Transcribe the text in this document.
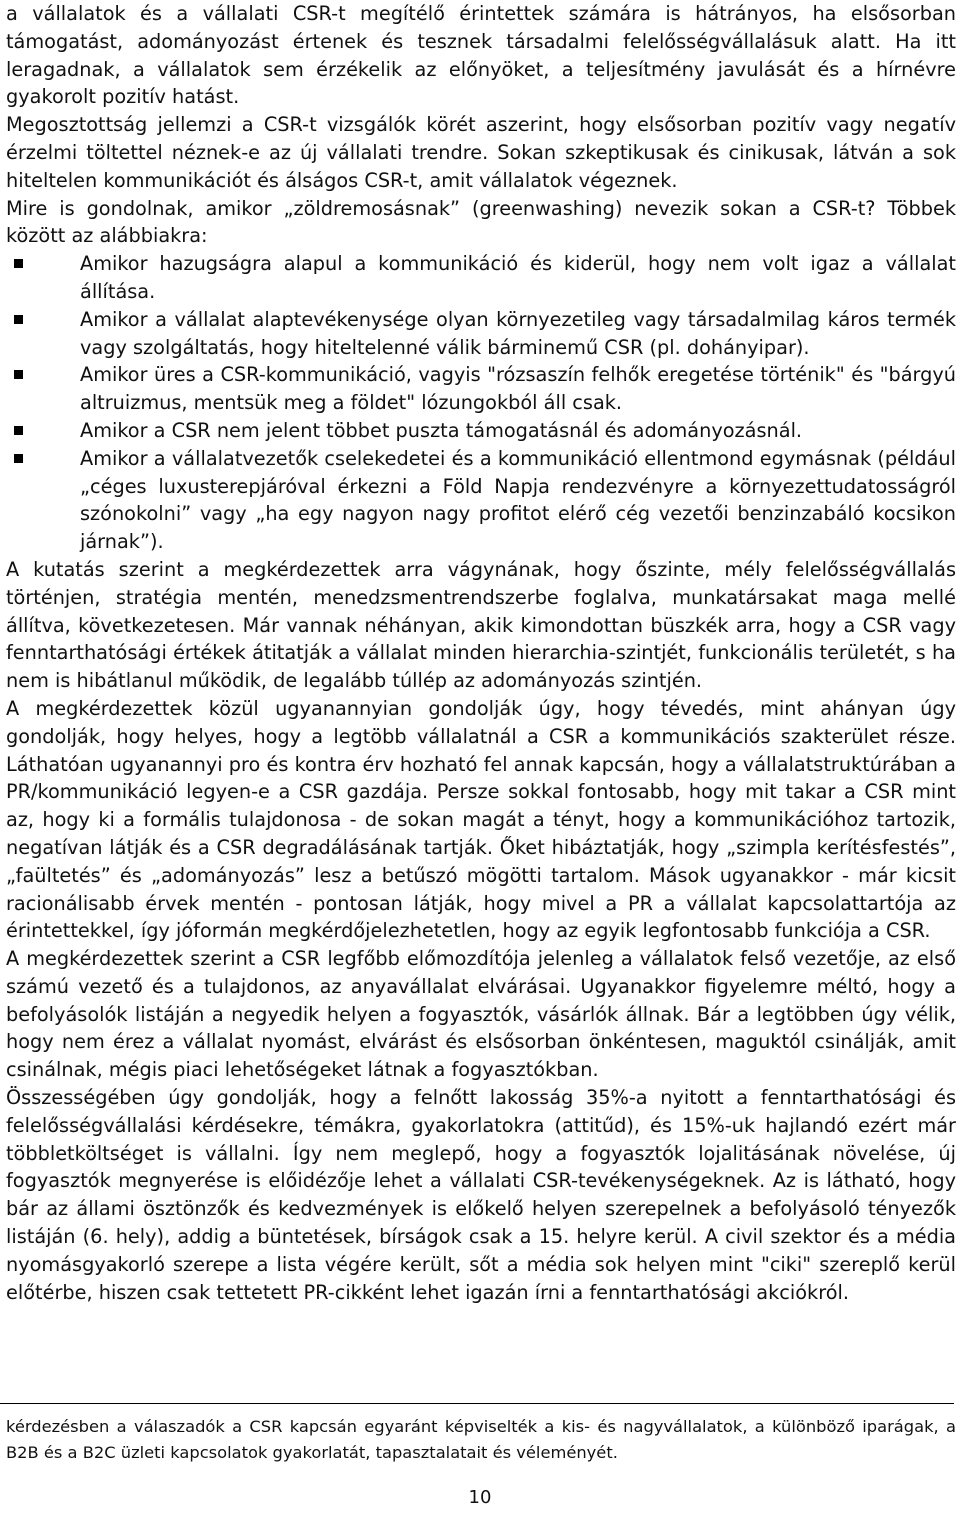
a vállalatok és a vállalati CSR-t megítélő érintettek számára is hátrányos, ha elsősorban támogatást, adományozást értenek és tesznek társadalmi felelősségvállalásuk alatt. Ha itt leragadnak, a vállalatok sem érzékelik az előnyöket, a teljesítmény javulását és a hírnévre gyakorolt pozitív hatást.

Megosztottság jellemzi a CSR-t vizsgálók körét aszerint, hogy elsősorban pozitív vagy negatív érzelmi töltettel néznek-e az új vállalati trendre. Sokan szkeptikusak és cinikusak, látván a sok hiteltelen kommunikációt és álságos CSR-t, amit vállalatok végeznek.

Mire is gondolnak, amikor „zöldremosásnak” (greenwashing) nevezik sokan a CSR-t? Többek között az alábbiakra:

Amikor hazugságra alapul a kommunikáció és kiderül, hogy nem volt igaz a vállalat állítása.
Amikor a vállalat alaptevékenysége olyan környezetileg vagy társadalmilag káros termék vagy szolgáltatás, hogy hiteltelenné válik bárminemű CSR (pl. dohányipar).
Amikor üres a CSR-kommunikáció, vagyis "rózsaszín felhők eregetése történik" és "bárgyú altruizmus, mentsük meg a földet" lózungokból áll csak.
Amikor a CSR nem jelent többet puszta támogatásnál és adományozásnál.
Amikor a vállalatvezetők cselekedetei és a kommunikáció ellentmond egymásnak (például „céges luxusterepjáróval érkezni a Föld Napja rendezvényre a környezettudatosságról szónokolni” vagy „ha egy nagyon nagy profitot elérő cég vezetői benzinzabáló kocsikon járnak”).

A kutatás szerint a megkérdezettek arra vágynának, hogy őszinte, mély felelősségvállalás történjen, stratégia mentén, menedzsmentrendszerbe foglalva, munkatársakat maga mellé állítva, következetesen. Már vannak néhányan, akik kimondottan büszkék arra, hogy a CSR vagy fenntarthatósági értékek átitatják a vállalat minden hierarchia-szintjét, funkcionális területét, s ha nem is hibátlanul működik, de legalább túllép az adományozás szintjén.

A megkérdezettek közül ugyanannyian gondolják úgy, hogy tévedés, mint ahányan úgy gondolják, hogy helyes, hogy a legtöbb vállalatnál a CSR a kommunikációs szakterület része. Láthatóan ugyanannyi pro és kontra érv hozható fel annak kapcsán, hogy a vállalatstruktúrában a PR/kommunikáció legyen-e a CSR gazdája. Persze sokkal fontosabb, hogy mit takar a CSR mint az, hogy ki a formális tulajdonosa - de sokan magát a tényt, hogy a kommunikációhoz tartozik, negatívan látják és a CSR degradálásának tartják. Őket hibáztatják, hogy „szimpla kerítésfestés”, „faültetés” és „adományozás” lesz a betűszó mögötti tartalom. Mások ugyanakkor - már kicsit racionálisabb érvek mentén - pontosan látják, hogy mivel a PR a vállalat kapcsolattartója az érintettekkel, így jóformán megkérdőjelezhetetlen, hogy az egyik legfontosabb funkciója a CSR.

A megkérdezettek szerint a CSR legfőbb előmozdítója jelenleg a vállalatok felső vezetője, az első számú vezető és a tulajdonos, az anyavállalat elvárásai. Ugyanakkor figyelemre méltó, hogy a befolyásolók listáján a negyedik helyen a fogyasztók, vásárlók állnak. Bár a legtöbben úgy vélik, hogy nem érez a vállalat nyomást, elvárást és elsősorban önkéntesen, maguktól csinálják, amit csinálnak, mégis piaci lehetőségeket látnak a fogyasztókban.

Összességében úgy gondolják, hogy a felnőtt lakosság 35%-a nyitott a fenntarthatósági és felelősségvállalási kérdésekre, témákra, gyakorlatokra (attitűd), és 15%-uk hajlandó ezért már többletköltséget is vállalni. Így nem meglepő, hogy a fogyasztók lojalitásának növelése, új fogyasztók megnyerése is előidézője lehet a vállalati CSR-tevékenységeknek. Az is látható, hogy bár az állami ösztönzők és kedvezmények is előkelő helyen szerepelnek a befolyásoló tényezők listáján (6. hely), addig a büntetések, bírságok csak a 15. helyre kerül. A civil szektor és a média nyomásgyakorló szerepe a lista végére került, sőt a média sok helyen mint "ciki" szereplő kerül előtérbe, hiszen csak tettetett PR-cikként lehet igazán írni a fenntarthatósági akciókról.

kérdezésben a válaszadók a CSR kapcsán egyaránt képviselték a kis- és nagyvállalatok, a különböző iparágak, a B2B és a B2C üzleti kapcsolatok gyakorlatát, tapasztalatait és véleményét.

10
